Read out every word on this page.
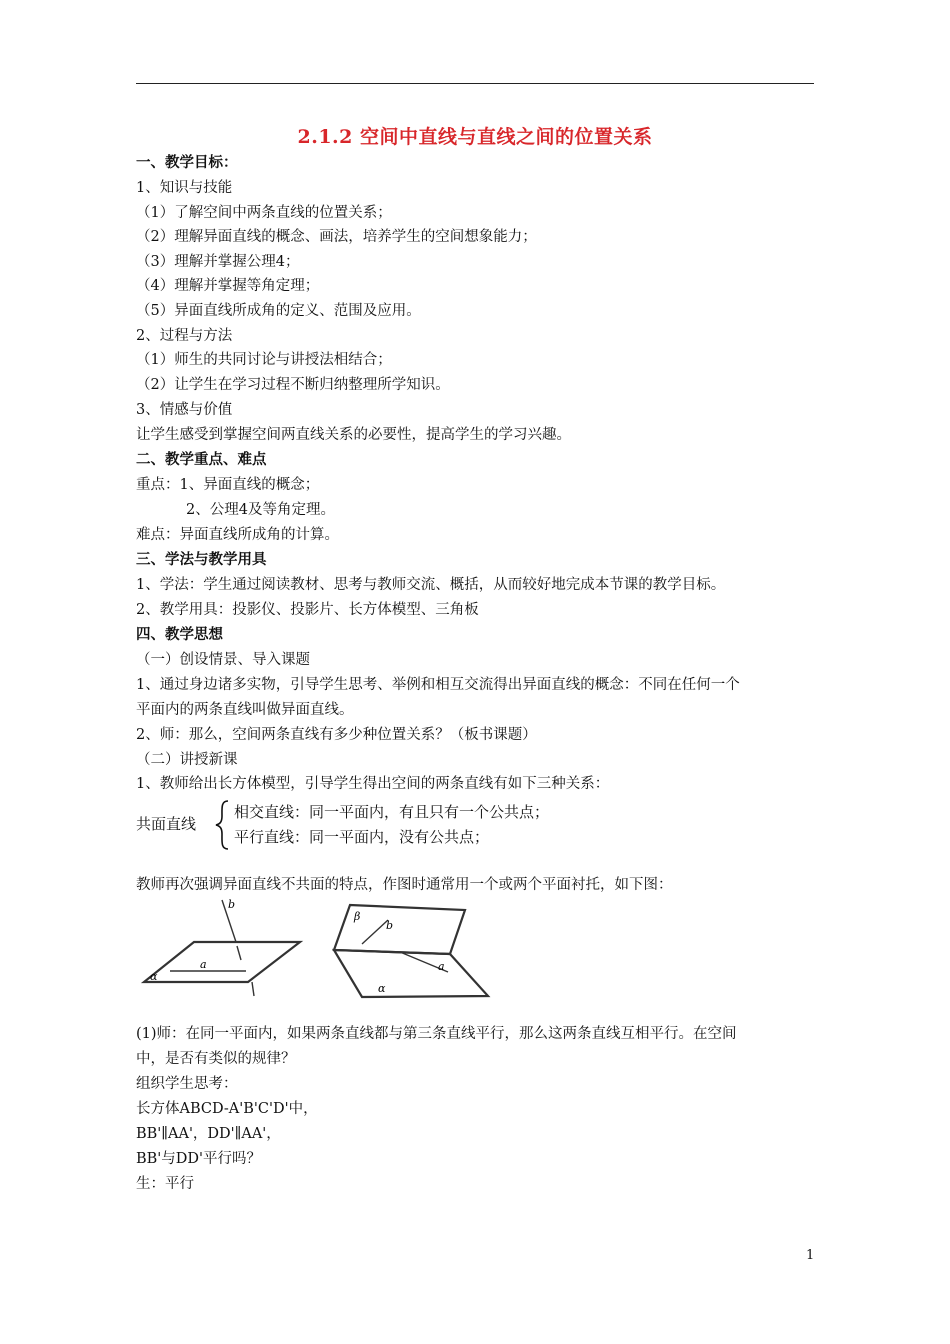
2.1.2 空间中直线与直线之间的位置关系
一、教学目标：
1、知识与技能
（1）了解空间中两条直线的位置关系；
（2）理解异面直线的概念、画法，培养学生的空间想象能力；
（3）理解并掌握公理4；
（4）理解并掌握等角定理；
（5）异面直线所成角的定义、范围及应用。
2、过程与方法
（1）师生的共同讨论与讲授法相结合；
（2）让学生在学习过程不断归纳整理所学知识。
3、情感与价值
让学生感受到掌握空间两直线关系的必要性，提高学生的学习兴趣。
二、教学重点、难点
重点：1、异面直线的概念；
2、公理4及等角定理。
难点：异面直线所成角的计算。
三、学法与教学用具
1、学法：学生通过阅读教材、思考与教师交流、概括，从而较好地完成本节课的教学目标。
2、教学用具：投影仪、投影片、长方体模型、三角板
四、教学思想
（一）创设情景、导入课题
1、通过身边诸多实物，引导学生思考、举例和相互交流得出异面直线的概念：不同在任何一个
平面内的两条直线叫做异面直线。
2、师：那么，空间两条直线有多少种位置关系？（板书课题）
（二）讲授新课
1、教师给出长方体模型，引导学生得出空间的两条直线有如下三种关系：
共面直线
相交直线：同一平面内，有且只有一个公共点；
平行直线：同一平面内，没有公共点；
教师再次强调异面直线不共面的特点，作图时通常用一个或两个平面衬托，如下图：
a
b
α
β
b
a
α
(1)师：在同一平面内，如果两条直线都与第三条直线平行，那么这两条直线互相平行。在空间
中，是否有类似的规律？
组织学生思考：
长方体ABCD-A'B'C'D'中，
BB'∥AA'，DD'∥AA'，
BB'与DD'平行吗？
生：平行
1
